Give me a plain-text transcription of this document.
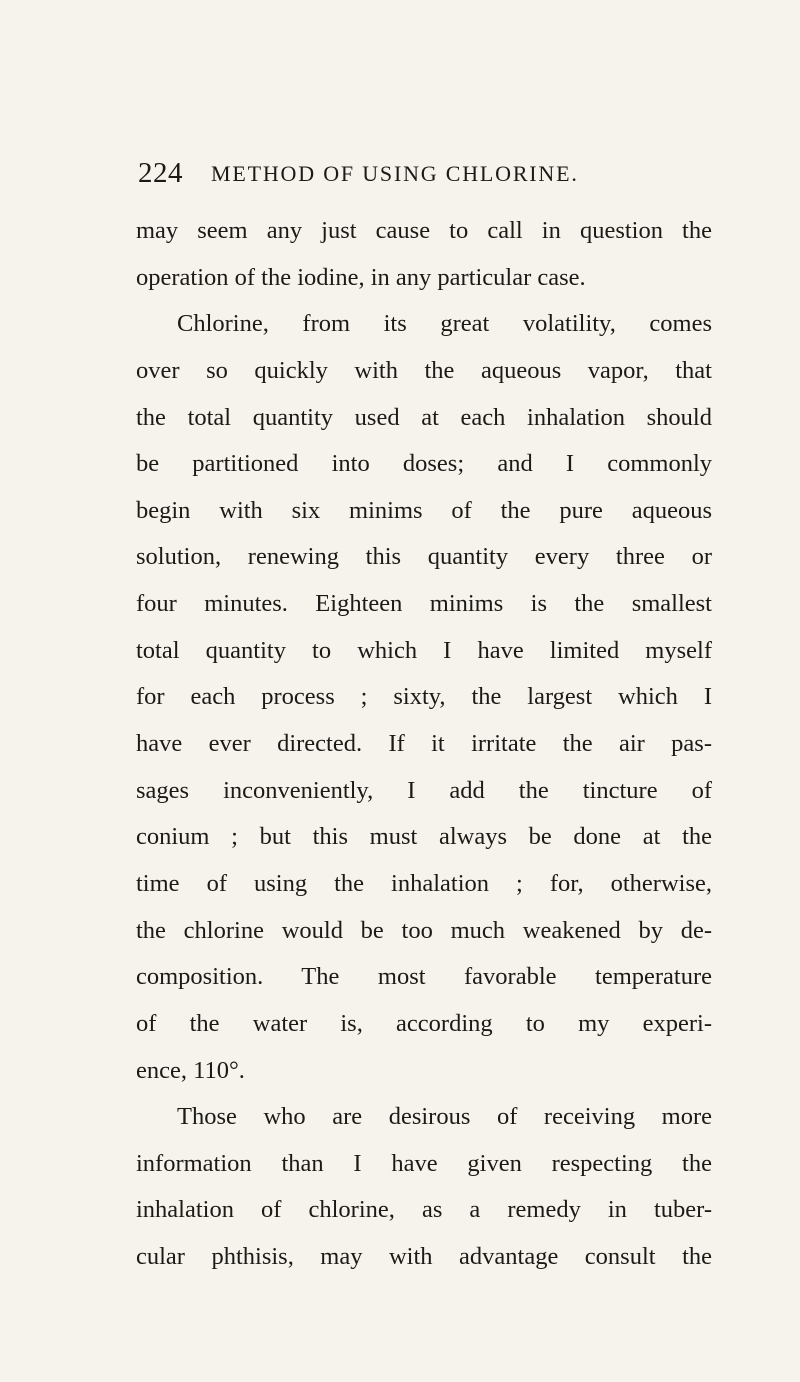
224 METHOD OF USING CHLORINE.
may seem any just cause to call in question the
operation of the iodine, in any particular case.
Chlorine, from its great volatility, comes
over so quickly with the aqueous vapor, that
the total quantity used at each inhalation should
be partitioned into doses; and I commonly
begin with six minims of the pure aqueous
solution, renewing this quantity every three or
four minutes. Eighteen minims is the smallest
total quantity to which I have limited myself
for each process ; sixty, the largest which I
have ever directed. If it irritate the air pas-
sages inconveniently, I add the tincture of
conium ; but this must always be done at the
time of using the inhalation ; for, otherwise,
the chlorine would be too much weakened by de-
composition. The most favorable temperature
of the water is, according to my experi-
ence, 110°.
Those who are desirous of receiving more
information than I have given respecting the
inhalation of chlorine, as a remedy in tuber-
cular phthisis, may with advantage consult the
